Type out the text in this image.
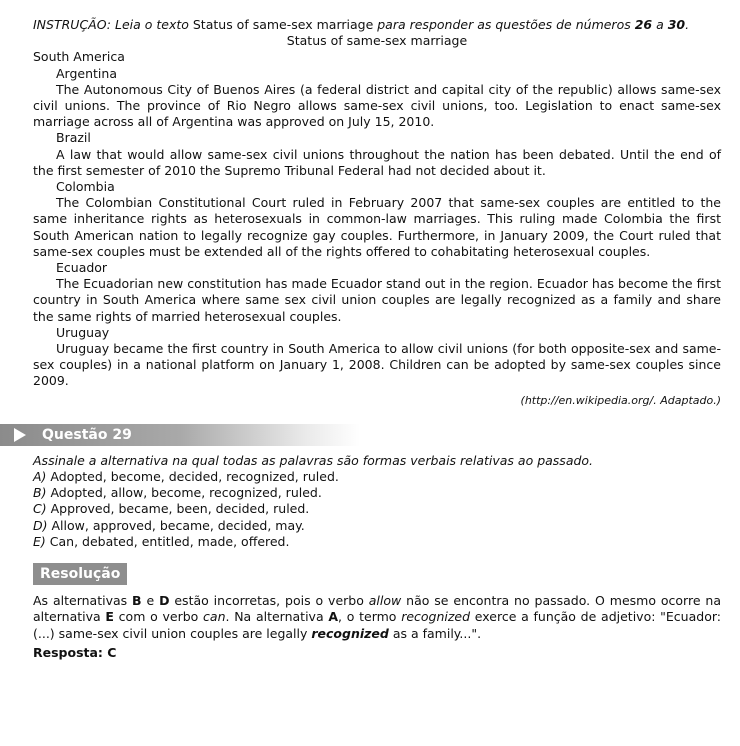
INSTRUÇÃO: Leia o texto Status of same-sex marriage para responder as questões de números 26 a 30.
Status of same-sex marriage
South America
Argentina

The Autonomous City of Buenos Aires (a federal district and capital city of the republic) allows same-sex civil unions. The province of Rio Negro allows same-sex civil unions, too. Legislation to enact same-sex marriage across all of Argentina was approved on July 15, 2010.

Brazil

A law that would allow same-sex civil unions throughout the nation has been debated. Until the end of the first semester of 2010 the Supremo Tribunal Federal had not decided about it.

Colombia

The Colombian Constitutional Court ruled in February 2007 that same-sex couples are entitled to the same inheritance rights as heterosexuals in common-law marriages. This ruling made Colombia the first South American nation to legally recognize gay couples. Furthermore, in January 2009, the Court ruled that same-sex couples must be extended all of the rights offered to cohabitating heterosexual couples.

Ecuador

The Ecuadorian new constitution has made Ecuador stand out in the region. Ecuador has become the first country in South America where same sex civil union couples are legally recognized as a family and share the same rights of married heterosexual couples.

Uruguay

Uruguay became the first country in South America to allow civil unions (for both opposite-sex and same-sex couples) in a national platform on January 1, 2008. Children can be adopted by same-sex couples since 2009.

(http://en.wikipedia.org/. Adaptado.)
Questão 29
Assinale a alternativa na qual todas as palavras são formas verbais relativas ao passado.
A) Adopted, become, decided, recognized, ruled.
B) Adopted, allow, become, recognized, ruled.
C) Approved, became, been, decided, ruled.
D) Allow, approved, became, decided, may.
E) Can, debated, entitled, made, offered.
Resolução
As alternativas B e D estão incorretas, pois o verbo allow não se encontra no passado. O mesmo ocorre na alternativa E com o verbo can. Na alternativa A, o termo recognized exerce a função de adjetivo: "Ecuador: (...) same-sex civil union couples are legally recognized as a family...".
Resposta: C
